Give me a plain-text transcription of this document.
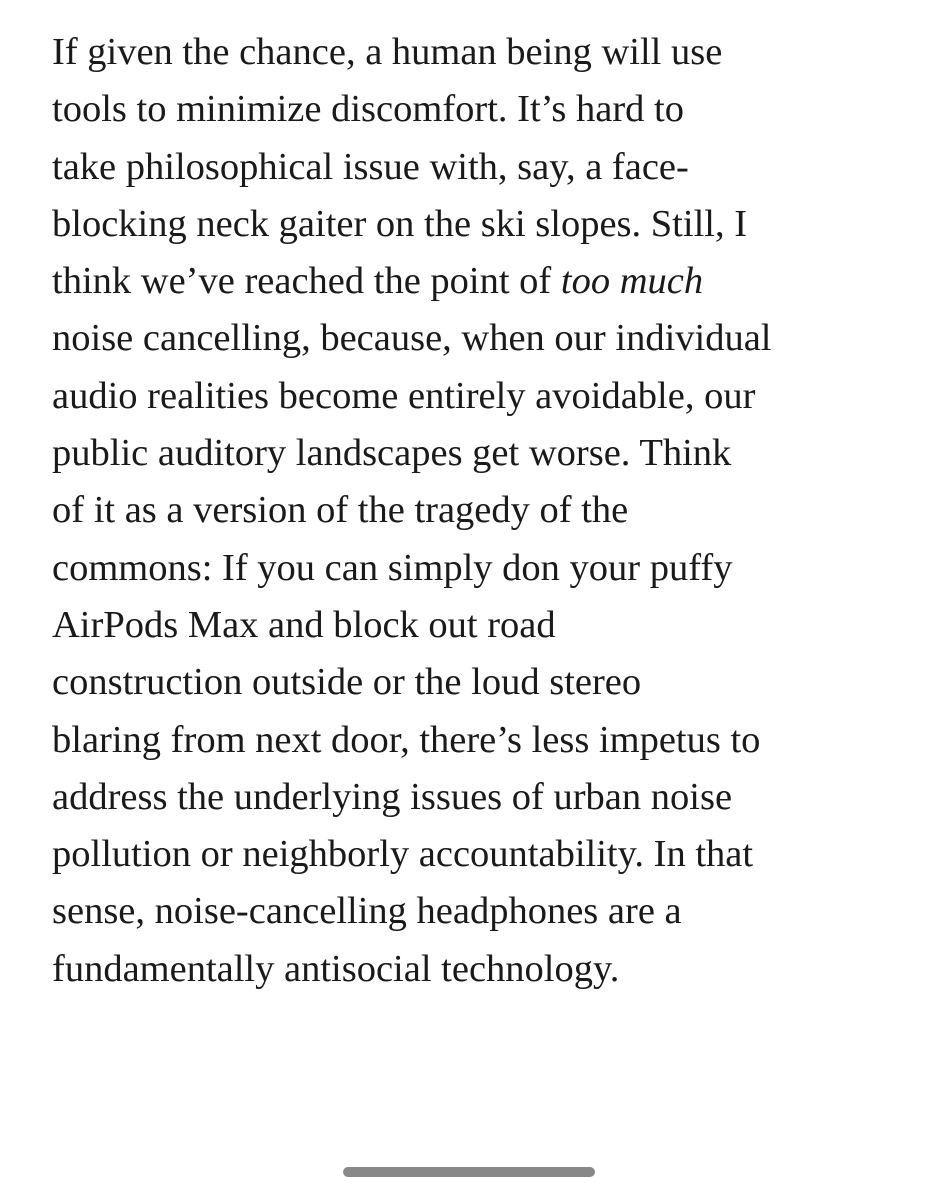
If given the chance, a human being will use
tools to minimize discomfort. It’s hard to
take philosophical issue with, say, a face-
blocking neck gaiter on the ski slopes. Still, I
think we’ve reached the point of too much
noise cancelling, because, when our individual
audio realities become entirely avoidable, our
public auditory landscapes get worse. Think
of it as a version of the tragedy of the
commons: If you can simply don your puffy
AirPods Max and block out road
construction outside or the loud stereo
blaring from next door, there’s less impetus to
address the underlying issues of urban noise
pollution or neighborly accountability. In that
sense, noise-cancelling headphones are a
fundamentally antisocial technology.
